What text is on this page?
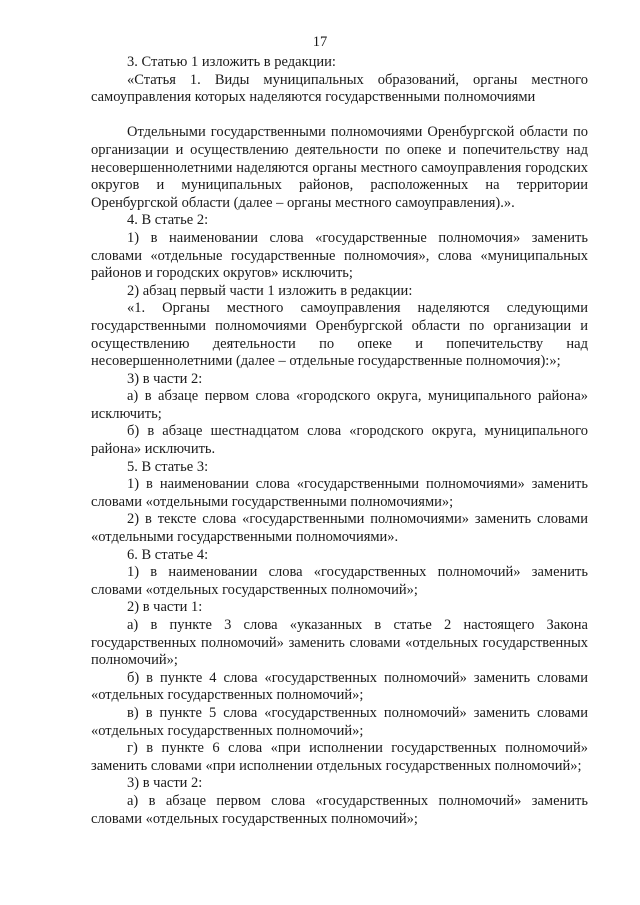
17

3. Статью 1 изложить в редакции:

«Статья 1. Виды муниципальных образований, органы местного самоуправления которых наделяются государственными полномочиями

Отдельными государственными полномочиями Оренбургской области по организации и осуществлению деятельности по опеке и попечительству над несовершеннолетними наделяются органы местного самоуправления городских округов и муниципальных районов, расположенных на территории Оренбургской области (далее – органы местного самоуправления).».

4. В статье 2:

1) в наименовании слова «государственные полномочия» заменить словами «отдельные государственные полномочия», слова «муниципальных районов и городских округов» исключить;

2) абзац первый части 1 изложить в редакции:

«1. Органы местного самоуправления наделяются следующими государственными полномочиями Оренбургской области по организации и осуществлению деятельности по опеке и попечительству над несовершеннолетними (далее – отдельные государственные полномочия):»;

3) в части 2:

а) в абзаце первом слова «городского округа, муниципального района» исключить;

б) в абзаце шестнадцатом слова «городского округа, муниципального района» исключить.

5. В статье 3:

1) в наименовании слова «государственными полномочиями» заменить словами «отдельными государственными полномочиями»;

2) в тексте слова «государственными полномочиями» заменить словами «отдельными государственными полномочиями».

6. В статье 4:

1) в наименовании слова «государственных полномочий» заменить словами «отдельных государственных полномочий»;

2) в части 1:

а) в пункте 3 слова «указанных в статье 2 настоящего Закона государственных полномочий» заменить словами «отдельных государственных полномочий»;

б) в пункте 4 слова «государственных полномочий» заменить словами «отдельных государственных полномочий»;

в) в пункте 5 слова «государственных полномочий» заменить словами «отдельных государственных полномочий»;

г) в пункте 6 слова «при исполнении государственных полномочий» заменить словами «при исполнении отдельных государственных полномочий»;

3) в части 2:

а) в абзаце первом слова «государственных полномочий» заменить словами «отдельных государственных полномочий»;
